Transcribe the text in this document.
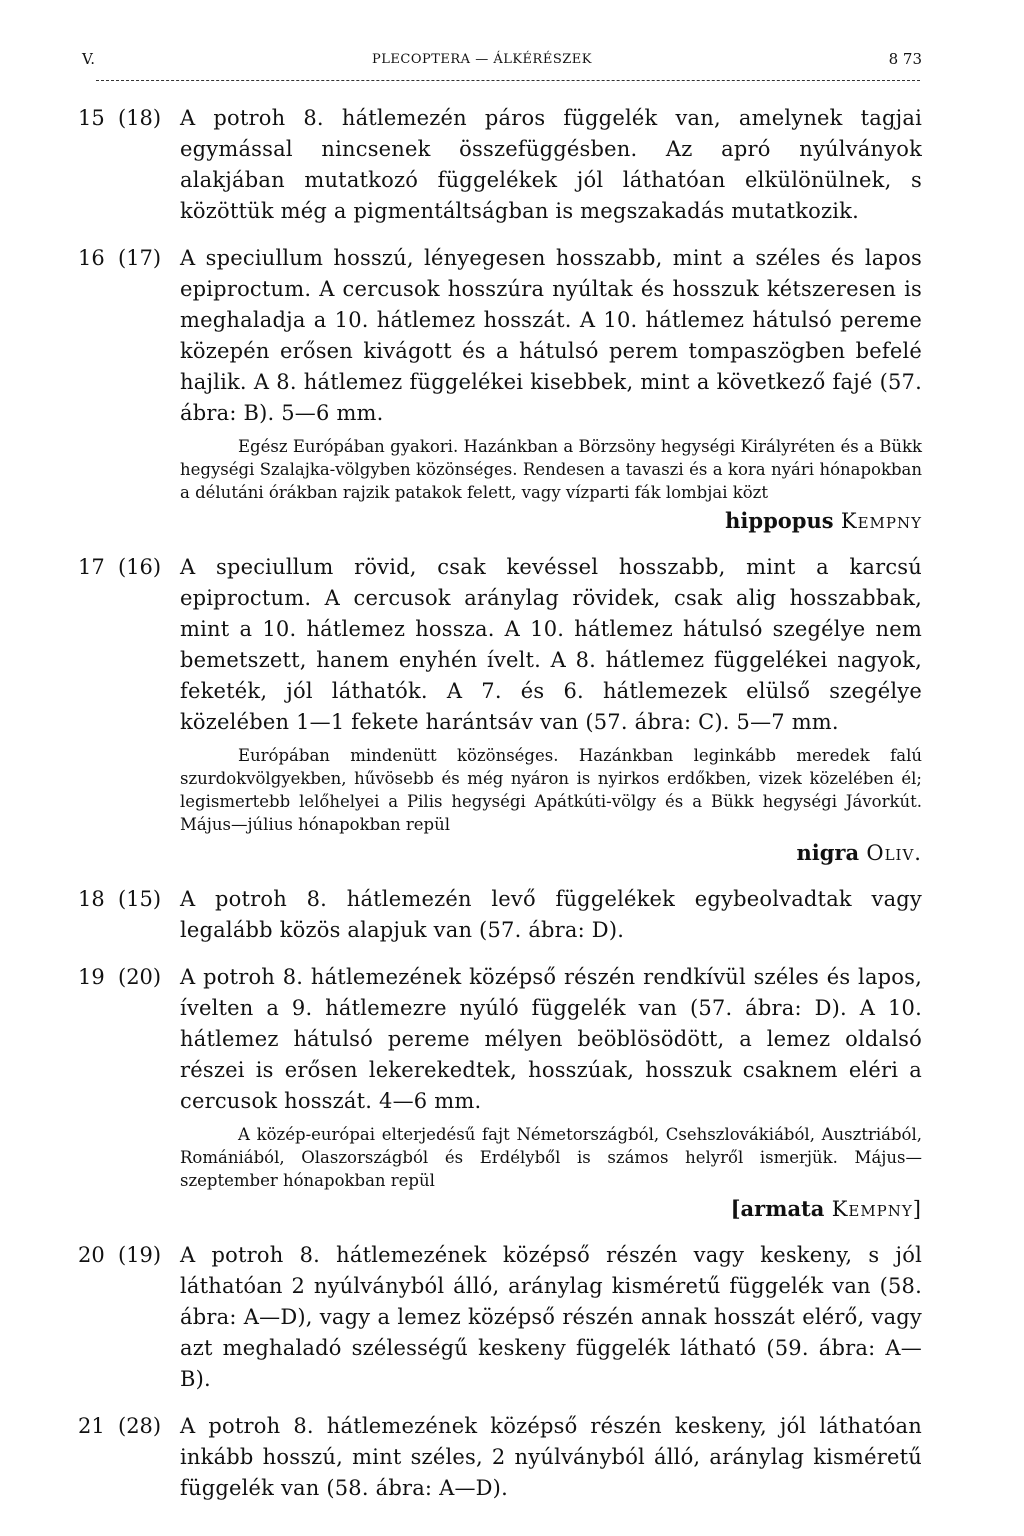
V.	PLECOPTERA — ÁLKÉRÉSZEK	8 73
15 (18) A potroh 8. hátlemezén páros függelék van, amelynek tagjai egymással nincsenek összefüggésben. Az apró nyúlványok alakjában mutatkozó függelékek jól láthatóan elkülönülnek, s közöttük még a pigmentáltságban is megszakadás mutatkozik.
16 (17) A speciullum hosszú, lényegesen hosszabb, mint a széles és lapos epiproctum. A cercusok hosszúra nyúltak és hosszuk kétszeresen is meghaladja a 10. hátlemez hosszát. A 10. hátlemez hátulsó pereme közepén erősen kivágott és a hátulsó perem tompaszögben befelé hajlik. A 8. hátlemez függelékei kisebbek, mint a következő fajé (57. ábra: B). 5—6 mm.
Egész Európában gyakori. Hazánkban a Börzsöny hegységi Királyréten és a Bükk hegységi Szalajka-völgyben közönséges. Rendesen a tavaszi és a kora nyári hónapokban a délutáni órákban rajzik patakok felett, vagy vízparti fák lombjai közt
hippopus Kempny
17 (16) A speciullum rövid, csak kevéssel hosszabb, mint a karcsú epiproctum. A cercusok aránylag rövidek, csak alig hosszabbak, mint a 10. hátlemez hossza. A 10. hátlemez hátulsó szegélye nem bemetszett, hanem enyhén ívelt. A 8. hátlemez függelékei nagyok, feketék, jól láthatók. A 7. és 6. hátlemezek elülső szegélye közelében 1—1 fekete harántsáv van (57. ábra: C). 5—7 mm.
Európában mindenütt közönséges. Hazánkban leginkább meredek falú szurdokvölgyekben, hűvösebb és még nyáron is nyirkos erdőkben, vizek közelében él; legismertebb lelőhelyei a Pilis hegységi Apátkúti-völgy és a Bükk hegységi Jávorkút. Május—július hónapokban repül
nigra Oliv.
18 (15) A potroh 8. hátlemezén levő függelékek egybeolvadtak vagy legalább közös alapjuk van (57. ábra: D).
19 (20) A potroh 8. hátlemezének középső részén rendkívül széles és lapos, ívelten a 9. hátlemezre nyúló függelék van (57. ábra: D). A 10. hátlemez hátulsó pereme mélyen beöblösödött, a lemez oldalsó részei is erősen lekerekedtek, hosszúak, hosszuk csaknem eléri a cercusok hosszát. 4—6 mm.
A közép-európai elterjedésű fajt Németországból, Csehszlovákiából, Ausztriából, Romániából, Olaszországból és Erdélyből is számos helyről ismerjük. Május—szeptember hónapokban repül
[armata Kempny]
20 (19) A potroh 8. hátlemezének középső részén vagy keskeny, s jól láthatóan 2 nyúlványból álló, aránylag kisméretű függelék van (58. ábra: A—D), vagy a lemez középső részén annak hosszát elérő, vagy azt meghaladó szélességű keskeny függelék látható (59. ábra: A—B).
21 (28) A potroh 8. hátlemezének középső részén keskeny, jól láthatóan inkább hosszú, mint széles, 2 nyúlványból álló, aránylag kisméretű függelék van (58. ábra: A—D).
